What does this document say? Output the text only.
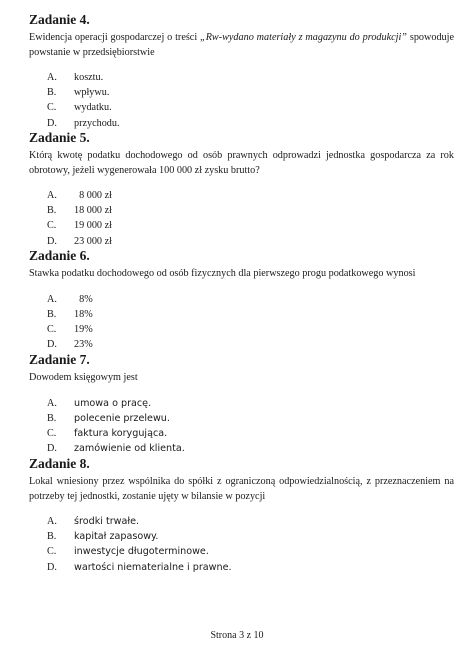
Zadanie 4.

Ewidencja operacji gospodarczej o treści „Rw-wydano materiały z magazynu do produkcji” spowoduje powstanie w przedsiębiorstwie

A. kosztu.
B. wpływu.
C. wydatku.
D. przychodu.
Zadanie 5.

Którą kwotę podatku dochodowego od osób prawnych odprowadzi jednostka gospodarcza za rok obrotowy, jeżeli wygenerowała 100 000 zł zysku brutto?

A. 8 000 zł
B. 18 000 zł
C. 19 000 zł
D. 23 000 zł
Zadanie 6.

Stawka podatku dochodowego od osób fizycznych dla pierwszego progu podatkowego wynosi

A. 8%
B. 18%
C. 19%
D. 23%
Zadanie 7.

Dowodem księgowym jest

A. umowa o pracę.
B. polecenie przelewu.
C. faktura korygująca.
D. zamówienie od klienta.
Zadanie 8.

Lokal wniesiony przez wspólnika do spółki z ograniczoną odpowiedzialnością, z przeznaczeniem na potrzeby tej jednostki, zostanie ujęty w bilansie w pozycji

A. środki trwałe.
B. kapitał zapasowy.
C. inwestycje długoterminowe.
D. wartości niematerialne i prawne.
Strona 3 z 10
